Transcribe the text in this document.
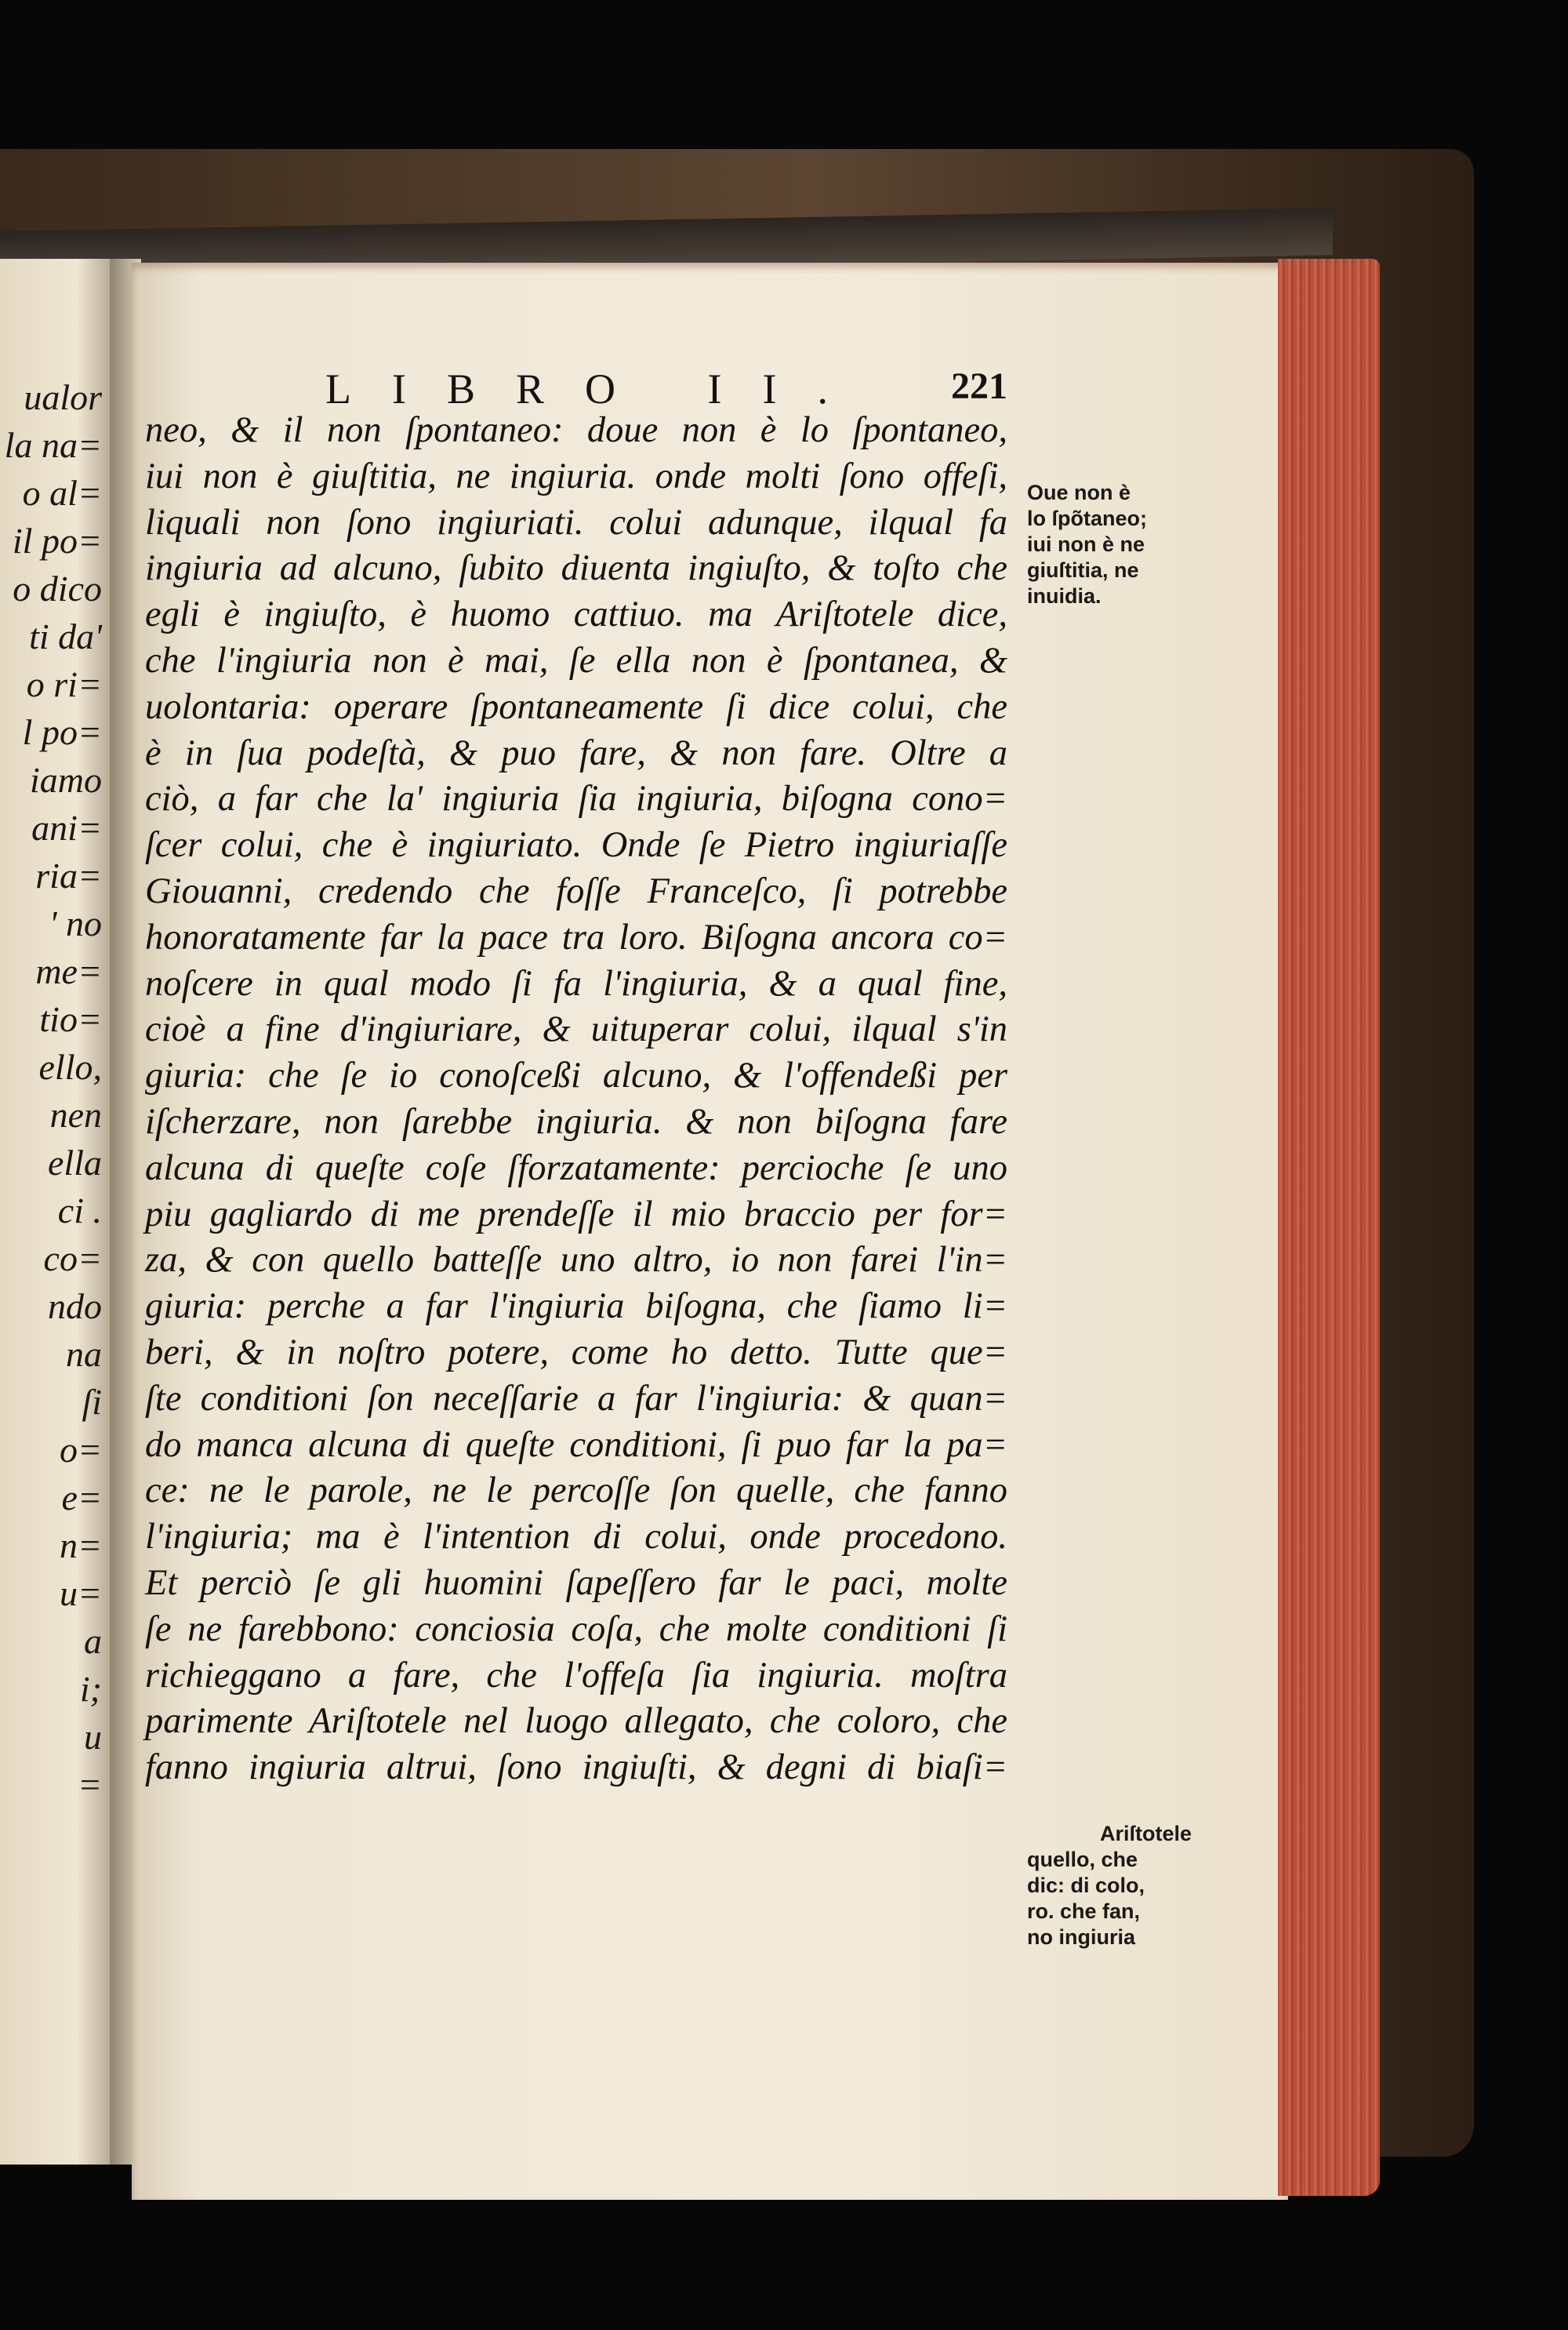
ualor
la na=
o al=
il po=
o dico
ti da'
o ri=
l po=
iamo
ani=
ria=
' no
me=
tio=
ello,
nen
ella
ci .
co=
ndo
na
ſi
o=
e=
n=
u=
a
i;
u
=
LIBRO II. 221
neo, & il non ſpontaneo: doue non è lo ſpontaneo,
iui non è giuſtitia, ne ingiuria. onde molti ſono offeſi,
liquali non ſono ingiuriati. colui adunque, ilqual fa
ingiuria ad alcuno, ſubito diuenta ingiuſto, & toſto che
egli è ingiuſto, è huomo cattiuo. ma Ariſtotele dice,
che l'ingiuria non è mai, ſe ella non è ſpontanea, &
uolontaria: operare ſpontaneamente ſi dice colui, che
è in ſua podeſtà, & puo fare, & non fare. Oltre a
ciò, a far che la' ingiuria ſia ingiuria, biſogna cono=
ſcer colui, che è ingiuriato. Onde ſe Pietro ingiuriaſſe
Giouanni, credendo che foſſe Franceſco, ſi potrebbe
honoratamente far la pace tra loro. Biſogna ancora co=
noſcere in qual modo ſi fa l'ingiuria, & a qual fine,
cioè a fine d'ingiuriare, & uituperar colui, ilqual s'in
giuria: che ſe io conoſceßi alcuno, & l'offendeßi per
iſcherzare, non ſarebbe ingiuria. & non biſogna fare
alcuna di queſte coſe ſforzatamente: percioche ſe uno
piu gagliardo di me prendeſſe il mio braccio per for=
za, & con quello batteſſe uno altro, io non farei l'in=
giuria: perche a far l'ingiuria biſogna, che ſiamo li=
beri, & in noſtro potere, come ho detto. Tutte que=
ſte conditioni ſon neceſſarie a far l'ingiuria: & quan=
do manca alcuna di queſte conditioni, ſi puo far la pa=
ce: ne le parole, ne le percoſſe ſon quelle, che fanno
l'ingiuria; ma è l'intention di colui, onde procedono.
Et perciò ſe gli huomini ſapeſſero far le paci, molte
ſe ne farebbono: conciosia coſa, che molte conditioni ſi
richieggano a fare, che l'offeſa ſia ingiuria. moſtra
parimente Ariſtotele nel luogo allegato, che coloro, che
fanno ingiuria altrui, ſono ingiuſti, & degni di biaſi=
Oue non è
lo ſpõtaneo;
iui non è ne
giuſtitia, ne
inuidia.
Ariſtotele
quello, che
dic: di colo,
ro. che fan,
no ingiuria
